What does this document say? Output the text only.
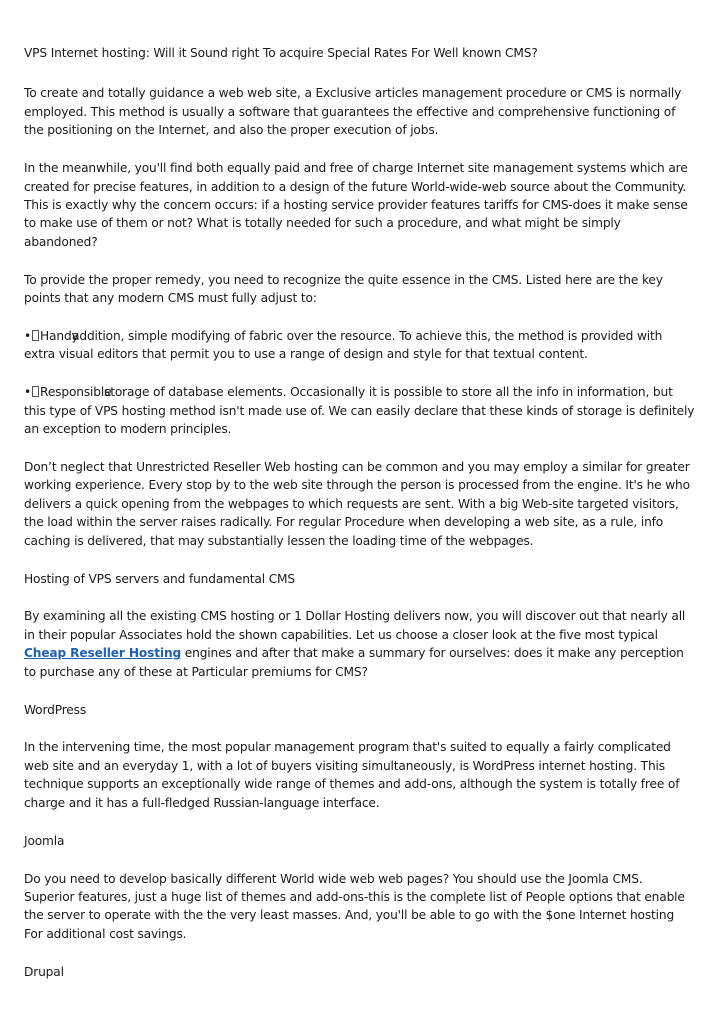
VPS Internet hosting: Will it Sound right To acquire Special Rates For Well known CMS?

To create and totally guidance a web web site, a Exclusive articles management procedure or CMS is normally employed. This method is usually a software that guarantees the effective and comprehensive functioning of the positioning on the Internet, and also the proper execution of jobs.

In the meanwhile, you'll find both equally paid and free of charge Internet site management systems which are created for precise features, in addition to a design of the future World-wide-web source about the Community. This is exactly why the concern occurs: if a hosting service provider features tariffs for CMS-does it make sense to make use of them or not? What is totally needed for such a procedure, and what might be simply abandoned?

To provide the proper remedy, you need to recognize the quite essence in the CMS. Listed here are the key points that any modern CMS must fully adjust to:

• Handyaddition, simple modifying of fabric over the resource. To achieve this, the method is provided with extra visual editors that permit you to use a range of design and style for that textual content.

• Responsiblestorage of database elements. Occasionally it is possible to store all the info in information, but this type of VPS hosting method isn't made use of. We can easily declare that these kinds of storage is definitely an exception to modern principles.

Don’t neglect that Unrestricted Reseller Web hosting can be common and you may employ a similar for greater working experience. Every stop by to the web site through the person is processed from the engine. It's he who delivers a quick opening from the webpages to which requests are sent. With a big Web-site targeted visitors, the load within the server raises radically. For regular Procedure when developing a web site, as a rule, info caching is delivered, that may substantially lessen the loading time of the webpages.

Hosting of VPS servers and fundamental CMS

By examining all the existing CMS hosting or 1 Dollar Hosting delivers now, you will discover out that nearly all in their popular Associates hold the shown capabilities. Let us choose a closer look at the five most typical Cheap Reseller Hosting engines and after that make a summary for ourselves: does it make any perception to purchase any of these at Particular premiums for CMS?

WordPress

In the intervening time, the most popular management program that's suited to equally a fairly complicated web site and an everyday 1, with a lot of buyers visiting simultaneously, is WordPress internet hosting. This technique supports an exceptionally wide range of themes and add-ons, although the system is totally free of charge and it has a full-fledged Russian-language interface.

Joomla

Do you need to develop basically different World wide web web pages? You should use the Joomla CMS. Superior features, just a huge list of themes and add-ons-this is the complete list of People options that enable the server to operate with the the very least masses. And, you'll be able to go with the $one Internet hosting For additional cost savings.

Drupal
